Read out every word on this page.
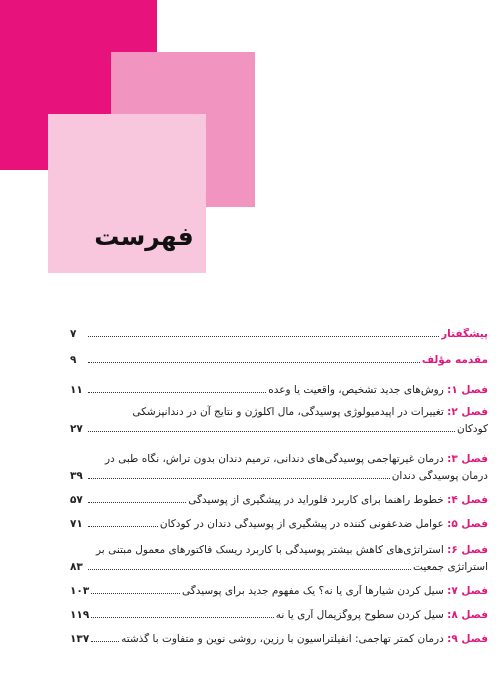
فهرست
پیشگفتار
۷
مقدمه مؤلف
۹
فصل ۱:

روش‌های جدید تشخیص، واقعیت یا وعده
۱۱
فصل ۲: تغییرات در اپیدمیولوژی پوسیدگی، مال اکلوژن و نتایج آن در دندانپزشکی
کودکان
۲۷
فصل ۳: درمان غیرتهاجمی پوسیدگی‌های دندانی، ترمیم دندان بدون تراش، نگاه طبی در
درمان پوسیدگی دندان
۳۹
فصل ۴:

خطوط راهنما برای کاربرد فلوراید در پیشگیری از پوسیدگی
۵۷
فصل ۵:

عوامل ضدعفونی کننده در پیشگیری از پوسیدگی دندان در کودکان
۷۱
فصل ۶: استراتژی‌های کاهش بیشتر پوسیدگی با کاربرد ریسک فاکتورهای معمول مبتنی بر
استراتژی جمعیت
۸۳
فصل ۷:

سیل کردن شیارها آری یا نه؟ یک مفهوم جدید برای پوسیدگی
۱۰۳
فصل ۸:

سیل کردن سطوح پروگزیمال آری یا نه
۱۱۹
فصل ۹:

درمان کمتر تهاجمی: انفیلتراسیون با رزین، روشی نوین و متفاوت با گذشته
۱۳۷
